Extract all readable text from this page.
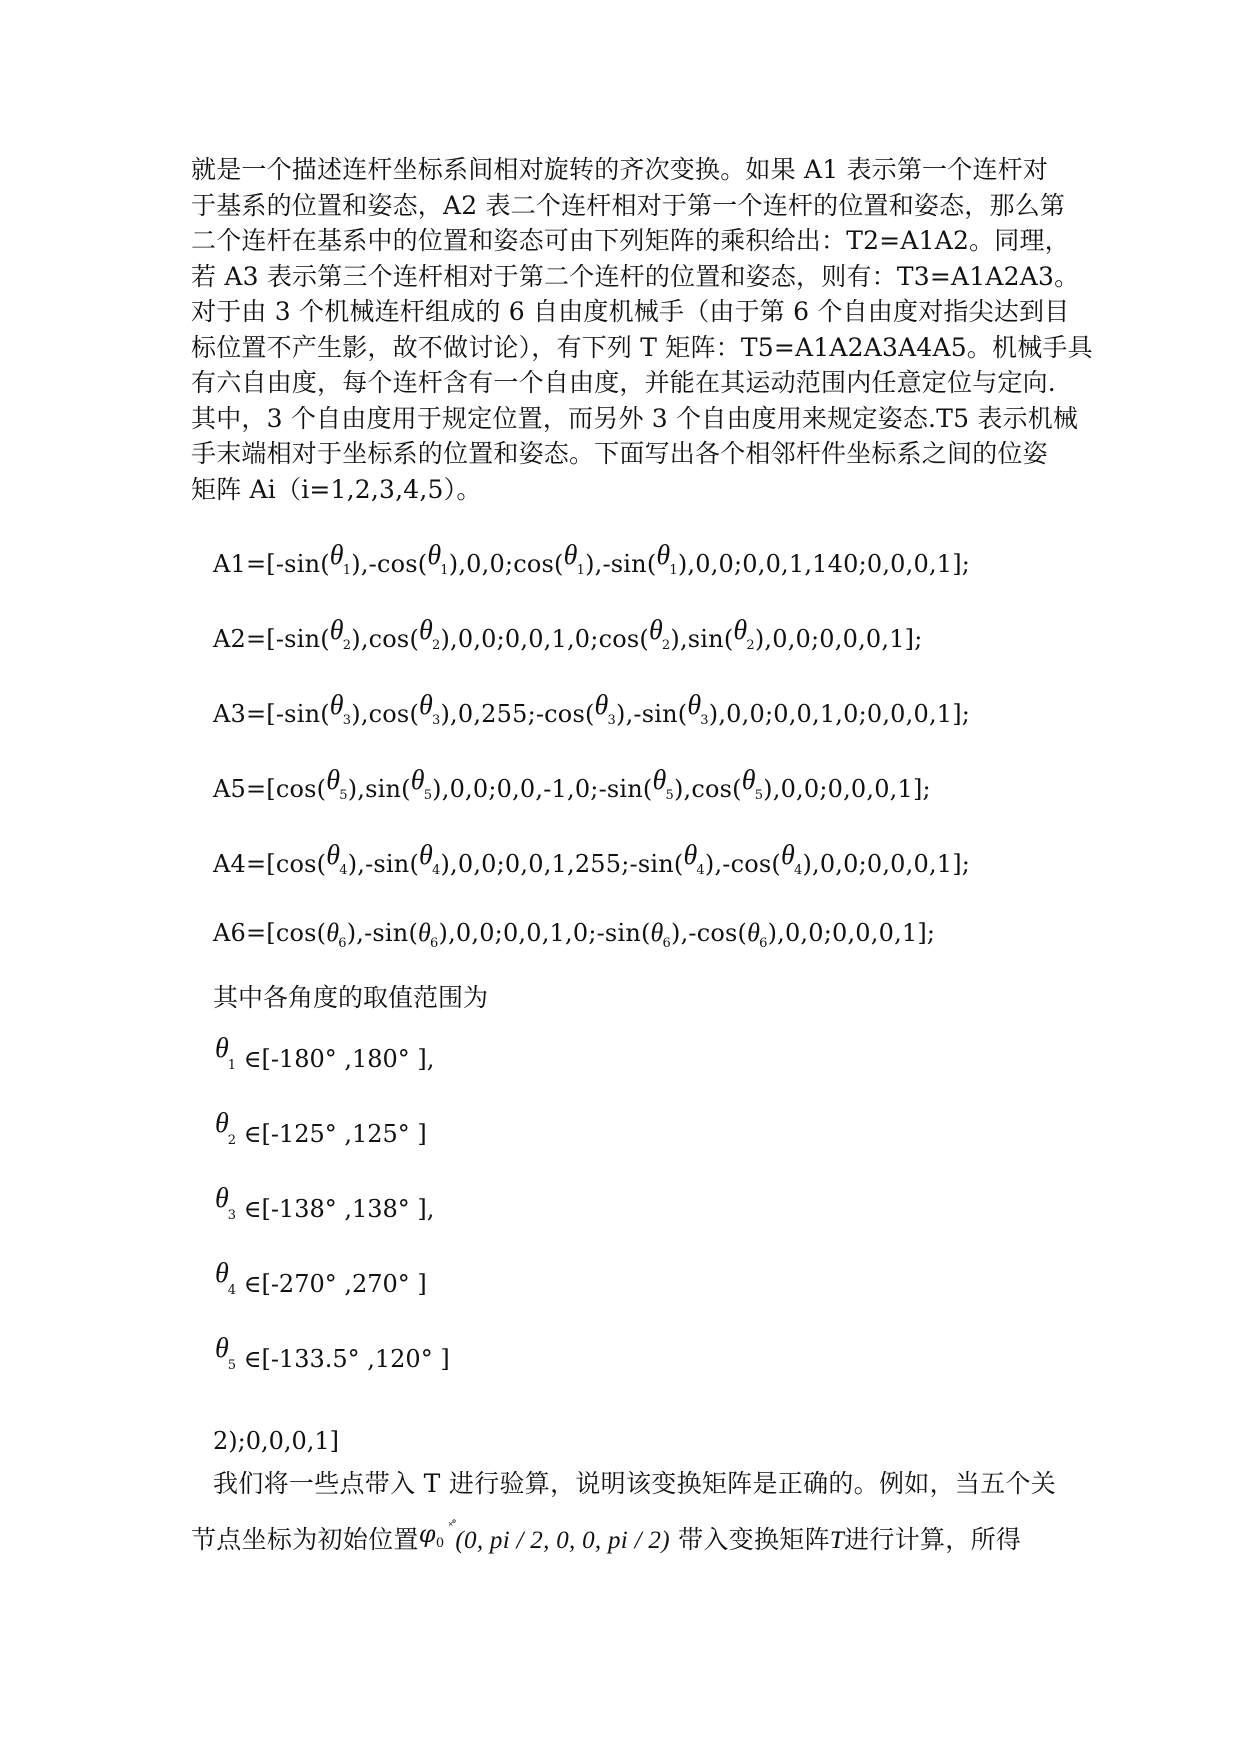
就是一个描述连杆坐标系间相对旋转的齐次变换。如果 A1 表示第一个连杆对
于基系的位置和姿态，A2 表二个连杆相对于第一个连杆的位置和姿态，那么第
二个连杆在基系中的位置和姿态可由下列矩阵的乘积给出：T2=A1A2。同理，
若 A3 表示第三个连杆相对于第二个连杆的位置和姿态，则有：T3=A1A2A3。
对于由 3 个机械连杆组成的 6 自由度机械手（由于第 6 个自由度对指尖达到目
标位置不产生影，故不做讨论），有下列 T 矩阵：T5=A1A2A3A4A5。机械手具
有六自由度，每个连杆含有一个自由度，并能在其运动范围内任意定位与定向.
其中，3 个自由度用于规定位置，而另外 3 个自由度用来规定姿态.T5 表示机械
手末端相对于坐标系的位置和姿态。下面写出各个相邻杆件坐标系之间的位姿
矩阵 Ai（i=1,2,3,4,5）。
A1=[-sin(θ1),-cos(θ1),0,0;cos(θ1),-sin(θ1),0,0;0,0,1,140;0,0,0,1];
A2=[-sin(θ2),cos(θ2),0,0;0,0,1,0;cos(θ2),sin(θ2),0,0;0,0,0,1];
A3=[-sin(θ3),cos(θ3),0,255;-cos(θ3),-sin(θ3),0,0;0,0,1,0;0,0,0,1];
A5=[cos(θ5),sin(θ5),0,0;0,0,-1,0;-sin(θ5),cos(θ5),0,0;0,0,0,1];
A4=[cos(θ4),-sin(θ4),0,0;0,0,1,255;-sin(θ4),-cos(θ4),0,0;0,0,0,1];
$A6=[\cos(\theta_6),-\sin(\theta_6),0,0;0,0,1,0;-\sin(\theta_6),-\cos(\theta_6),0,0;0,0,0,1]$;
其中各角度的取值范围为
θ1 ∈[-180° ,180° ],
θ2 ∈[-125° ,125° ]
θ3 ∈[-138° ,138° ],
θ4 ∈[-270° ,270° ]
θ5 ∈[-133.5° ,120° ]
2);0,0,0,1]
我们将一些点带入 T 进行验算，说明该变换矩阵是正确的。例如，当五个关
节点坐标为初始位置φ0˟ ̊(0, pi / 2, 0, 0, pi / 2) 带入变换矩阵T进行计算，所得
